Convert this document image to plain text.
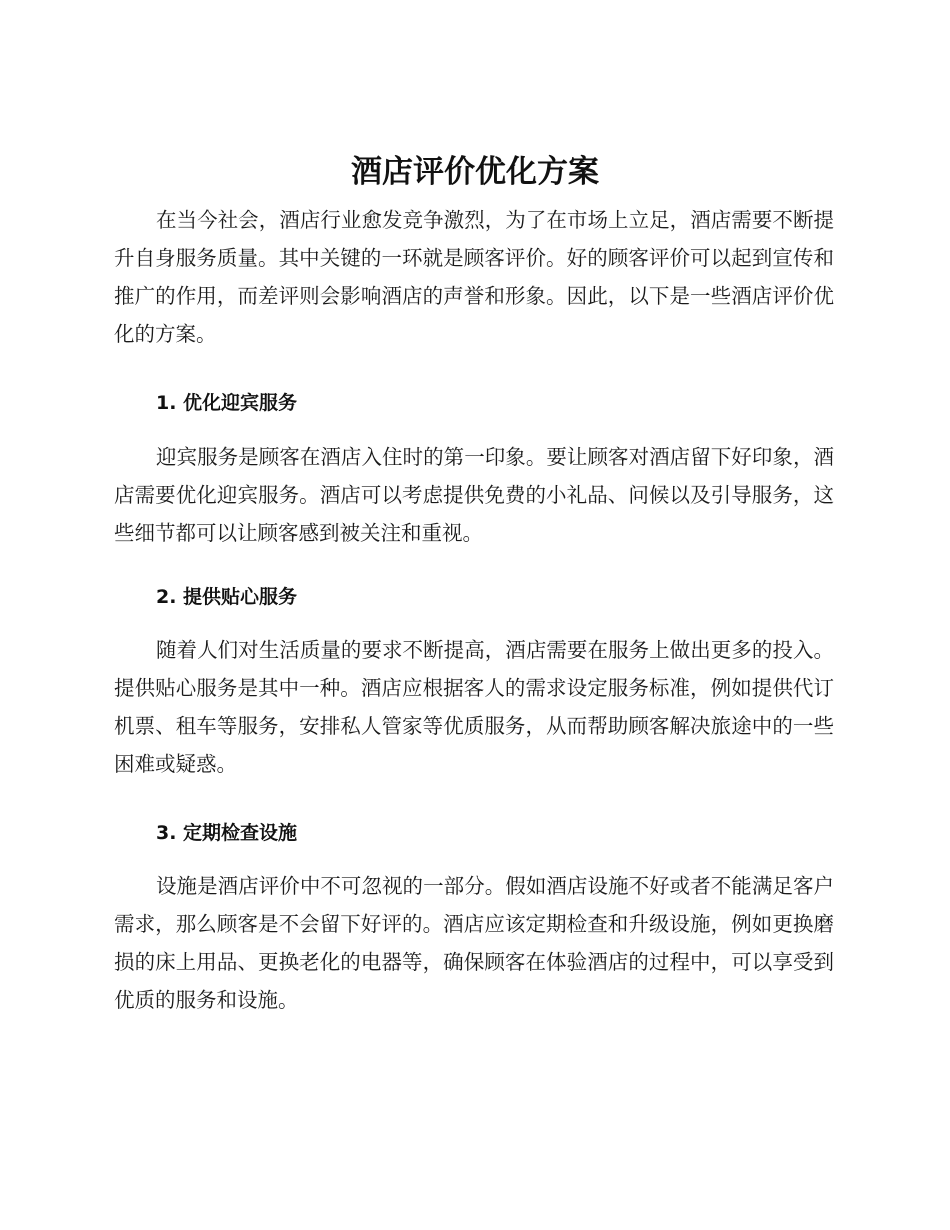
酒店评价优化方案

在当今社会，酒店行业愈发竞争激烈，为了在市场上立足，酒店需要不断提升自身服务质量。其中关键的一环就是顾客评价。好的顾客评价可以起到宣传和推广的作用，而差评则会影响酒店的声誉和形象。因此，以下是一些酒店评价优化的方案。

1. 优化迎宾服务

迎宾服务是顾客在酒店入住时的第一印象。要让顾客对酒店留下好印象，酒店需要优化迎宾服务。酒店可以考虑提供免费的小礼品、问候以及引导服务，这些细节都可以让顾客感到被关注和重视。

2. 提供贴心服务

随着人们对生活质量的要求不断提高，酒店需要在服务上做出更多的投入。提供贴心服务是其中一种。酒店应根据客人的需求设定服务标准，例如提供代订机票、租车等服务，安排私人管家等优质服务，从而帮助顾客解决旅途中的一些困难或疑惑。

3. 定期检查设施

设施是酒店评价中不可忽视的一部分。假如酒店设施不好或者不能满足客户需求，那么顾客是不会留下好评的。酒店应该定期检查和升级设施，例如更换磨损的床上用品、更换老化的电器等，确保顾客在体验酒店的过程中，可以享受到优质的服务和设施。
